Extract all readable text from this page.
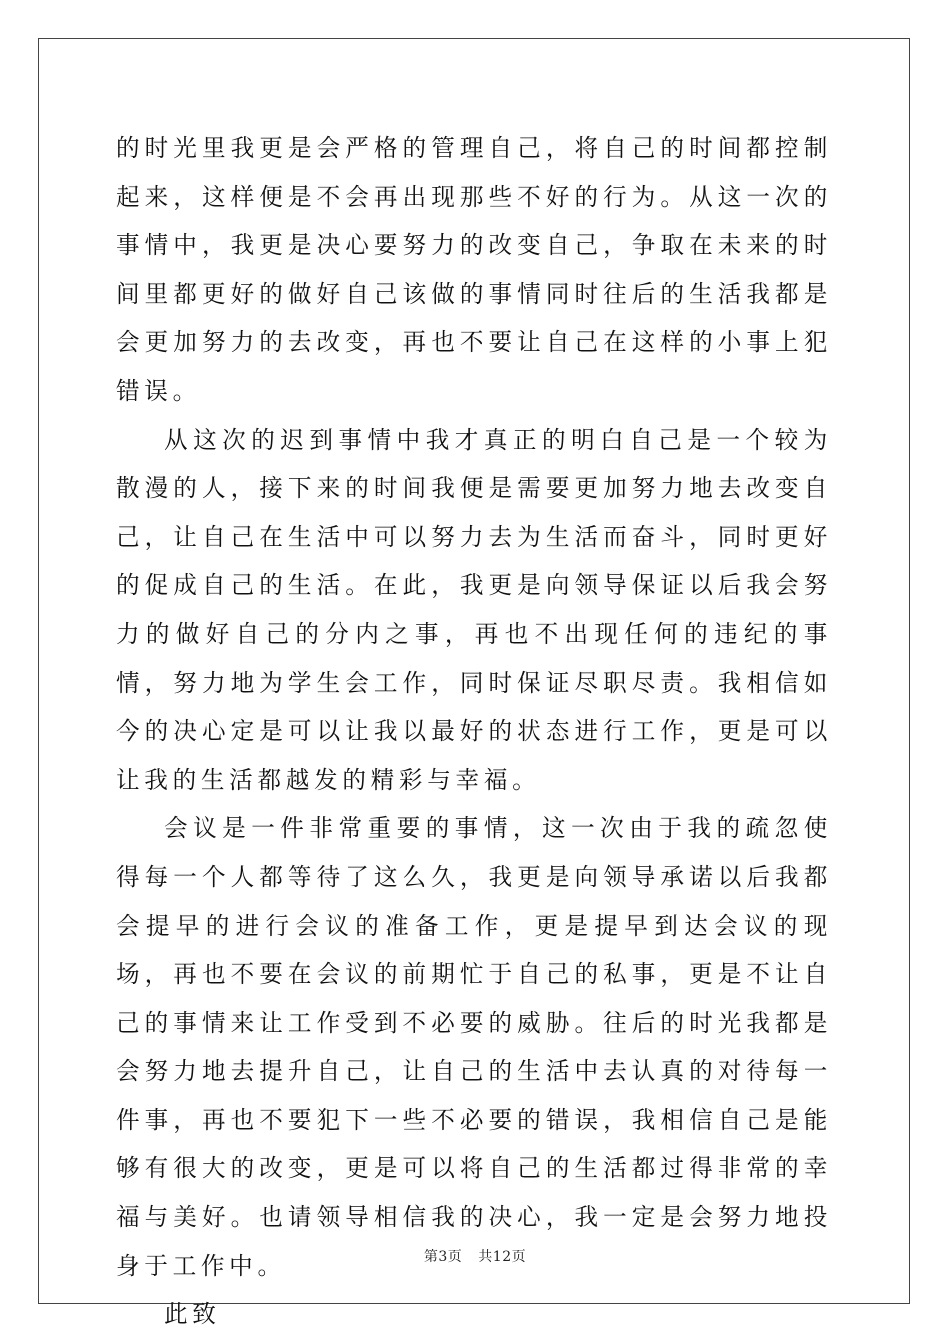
的时光里我更是会严格的管理自己，将自己的时间都控制起来，这样便是不会再出现那些不好的行为。从这一次的事情中，我更是决心要努力的改变自己，争取在未来的时间里都更好的做好自己该做的事情同时往后的生活我都是会更加努力的去改变，再也不要让自己在这样的小事上犯错误。

从这次的迟到事情中我才真正的明白自己是一个较为散漫的人，接下来的时间我便是需要更加努力地去改变自己，让自己在生活中可以努力去为生活而奋斗，同时更好的促成自己的生活。在此，我更是向领导保证以后我会努力的做好自己的分内之事，再也不出现任何的违纪的事情，努力地为学生会工作，同时保证尽职尽责。我相信如今的决心定是可以让我以最好的状态进行工作，更是可以让我的生活都越发的精彩与幸福。

会议是一件非常重要的事情，这一次由于我的疏忽使得每一个人都等待了这么久，我更是向领导承诺以后我都会提早的进行会议的准备工作，更是提早到达会议的现场，再也不要在会议的前期忙于自己的私事，更是不让自己的事情来让工作受到不必要的威胁。往后的时光我都是会努力地去提升自己，让自己的生活中去认真的对待每一件事，再也不要犯下一些不必要的错误，我相信自己是能够有很大的改变，更是可以将自己的生活都过得非常的幸福与美好。也请领导相信我的决心，我一定是会努力地投身于工作中。

此致

第3页 共12页
